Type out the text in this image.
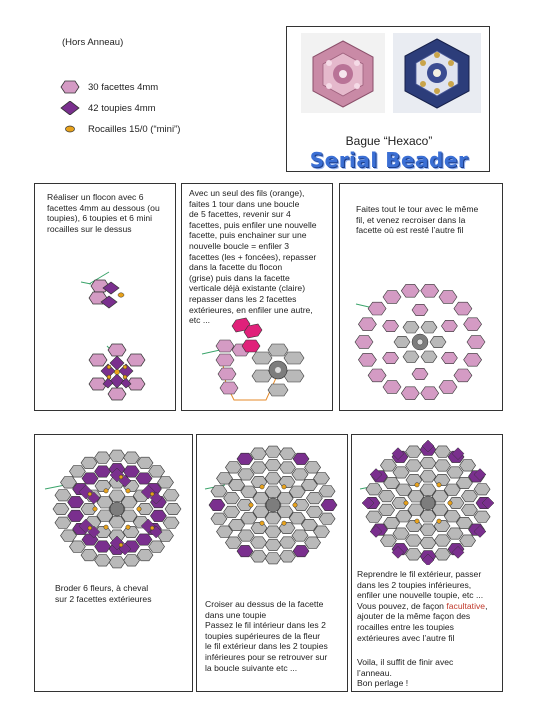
(Hors Anneau)
30 facettes 4mm
42 toupies 4mm
Rocailles 15/0 (“mini”)
Bague “Hexaco”
Serial Beader
Réaliser un flocon avec 6
facettes 4mm au dessous (ou
toupies), 6 toupies et 6 mini
rocailles sur le dessus
Avec un seul des fils (orange),
faites 1 tour dans une boucle
de 5 facettes, revenir sur 4
facettes, puis enfiler une nouvelle
facette, puis enchainer sur une
nouvelle boucle = enfiler 3
facettes (les + foncées), repasser
dans la facette du flocon
(grise) puis dans la facette
verticale déjà existante (claire)
repasser dans les 2 facettes
extérieures, en enfiler une autre,
etc ...
Faites tout le tour avec le même
fil, et venez recroiser dans la
facette où est resté l’autre fil
Broder 6 fleurs, à cheval
sur 2 facettes extérieures
Croiser au dessus de la facette
dans une toupie
Passez le fil intérieur dans les 2
toupies supérieures de la fleur
le fil extérieur dans les 2 toupies
inférieures pour se retrouver sur
la boucle suivante etc ...
Reprendre le fil extérieur, passer
dans les 2 toupies inférieures,
enfiler une nouvelle toupie, etc ...
Vous pouvez, de façon facultative,
ajouter de la même façon des
rocailles entre les toupies
extérieures avec l’autre fil
Voila, il suffit de finir avec
l’anneau.
Bon perlage !
